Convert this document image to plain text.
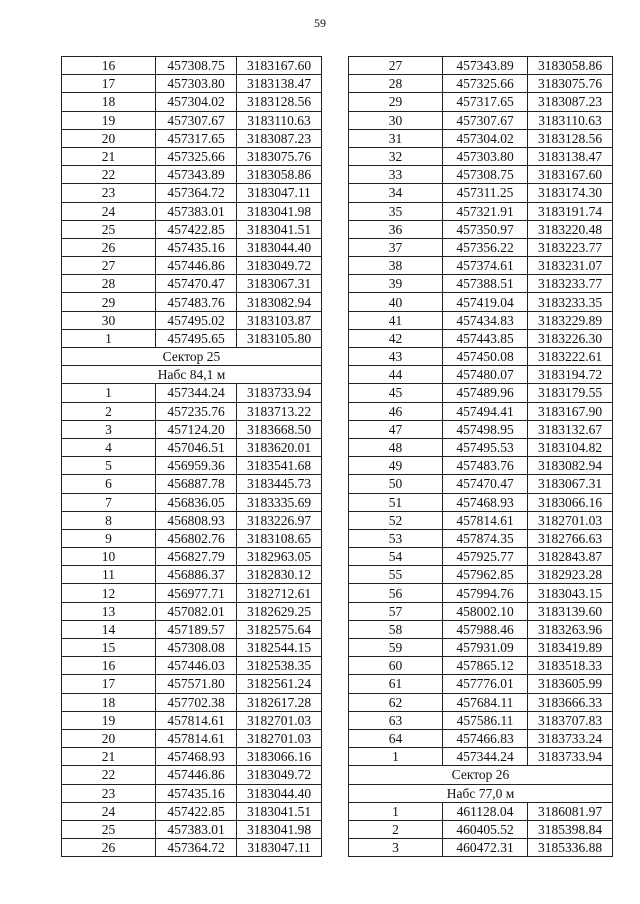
59
16	457308.75	3183167.60
17	457303.80	3183138.47
18	457304.02	3183128.56
19	457307.67	3183110.63
20	457317.65	3183087.23
21	457325.66	3183075.76
22	457343.89	3183058.86
23	457364.72	3183047.11
24	457383.01	3183041.98
25	457422.85	3183041.51
26	457435.16	3183044.40
27	457446.86	3183049.72
28	457470.47	3183067.31
29	457483.76	3183082.94
30	457495.02	3183103.87
1	457495.65	3183105.80
Сектор 25		
Набс 84,1 м		
1	457344.24	3183733.94
2	457235.76	3183713.22
3	457124.20	3183668.50
4	457046.51	3183620.01
5	456959.36	3183541.68
6	456887.78	3183445.73
7	456836.05	3183335.69
8	456808.93	3183226.97
9	456802.76	3183108.65
10	456827.79	3182963.05
11	456886.37	3182830.12
12	456977.71	3182712.61
13	457082.01	3182629.25
14	457189.57	3182575.64
15	457308.08	3182544.15
16	457446.03	3182538.35
17	457571.80	3182561.24
18	457702.38	3182617.28
19	457814.61	3182701.03
20	457814.61	3182701.03
21	457468.93	3183066.16
22	457446.86	3183049.72
23	457435.16	3183044.40
24	457422.85	3183041.51
25	457383.01	3183041.98
26	457364.72	3183047.11
27	457343.89	3183058.86
28	457325.66	3183075.76
29	457317.65	3183087.23
30	457307.67	3183110.63
31	457304.02	3183128.56
32	457303.80	3183138.47
33	457308.75	3183167.60
34	457311.25	3183174.30
35	457321.91	3183191.74
36	457350.97	3183220.48
37	457356.22	3183223.77
38	457374.61	3183231.07
39	457388.51	3183233.77
40	457419.04	3183233.35
41	457434.83	3183229.89
42	457443.85	3183226.30
43	457450.08	3183222.61
44	457480.07	3183194.72
45	457489.96	3183179.55
46	457494.41	3183167.90
47	457498.95	3183132.67
48	457495.53	3183104.82
49	457483.76	3183082.94
50	457470.47	3183067.31
51	457468.93	3183066.16
52	457814.61	3182701.03
53	457874.35	3182766.63
54	457925.77	3182843.87
55	457962.85	3182923.28
56	457994.76	3183043.15
57	458002.10	3183139.60
58	457988.46	3183263.96
59	457931.09	3183419.89
60	457865.12	3183518.33
61	457776.01	3183605.99
62	457684.11	3183666.33
63	457586.11	3183707.83
64	457466.83	3183733.24
1	457344.24	3183733.94
Сектор 26		
Набс 77,0 м		
1	461128.04	3186081.97
2	460405.52	3185398.84
3	460472.31	3185336.88
